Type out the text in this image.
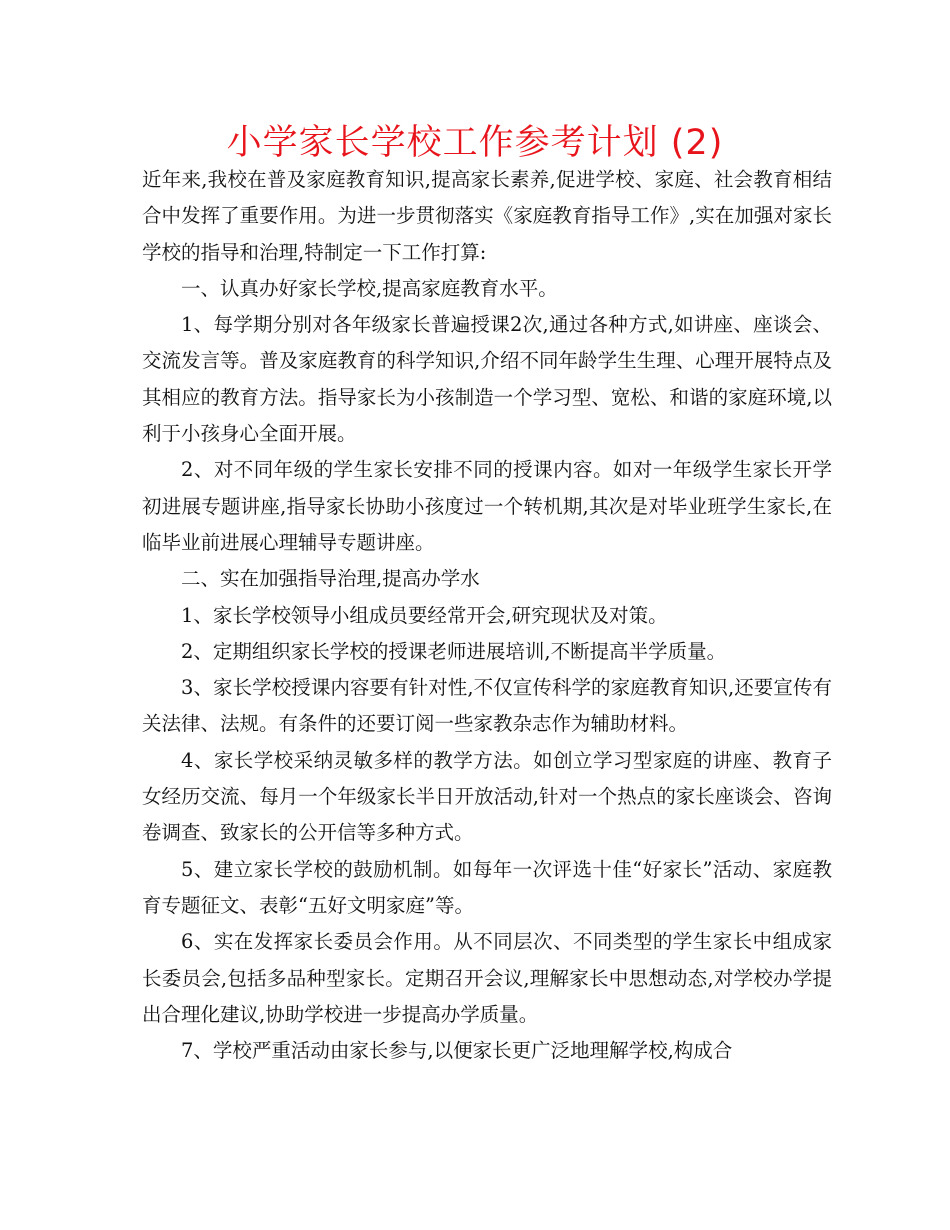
小学家长学校工作参考计划 (2)

近年来,我校在普及家庭教育知识,提高家长素养,促进学校、家庭、社会教育相结合中发挥了重要作用。为进一步贯彻落实《家庭教育指导工作》,实在加强对家长学校的指导和治理,特制定一下工作打算:

一、认真办好家长学校,提高家庭教育水平。

1、每学期分别对各年级家长普遍授课2次,通过各种方式,如讲座、座谈会、交流发言等。普及家庭教育的科学知识,介绍不同年龄学生生理、心理开展特点及其相应的教育方法。指导家长为小孩制造一个学习型、宽松、和谐的家庭环境,以利于小孩身心全面开展。

2、对不同年级的学生家长安排不同的授课内容。如对一年级学生家长开学初进展专题讲座,指导家长协助小孩度过一个转机期,其次是对毕业班学生家长,在临毕业前进展心理辅导专题讲座。

二、实在加强指导治理,提高办学水

1、家长学校领导小组成员要经常开会,研究现状及对策。

2、定期组织家长学校的授课老师进展培训,不断提高半学质量。

3、家长学校授课内容要有针对性,不仅宣传科学的家庭教育知识,还要宣传有关法律、法规。有条件的还要订阅一些家教杂志作为辅助材料。

4、家长学校采纳灵敏多样的教学方法。如创立学习型家庭的讲座、教育子女经历交流、每月一个年级家长半日开放活动,针对一个热点的家长座谈会、咨询卷调查、致家长的公开信等多种方式。

5、建立家长学校的鼓励机制。如每年一次评选十佳“好家长”活动、家庭教育专题征文、表彰“五好文明家庭”等。

6、实在发挥家长委员会作用。从不同层次、不同类型的学生家长中组成家长委员会,包括多品种型家长。定期召开会议,理解家长中思想动态,对学校办学提出合理化建议,协助学校进一步提高办学质量。

7、学校严重活动由家长参与,以便家长更广泛地理解学校,构成合
